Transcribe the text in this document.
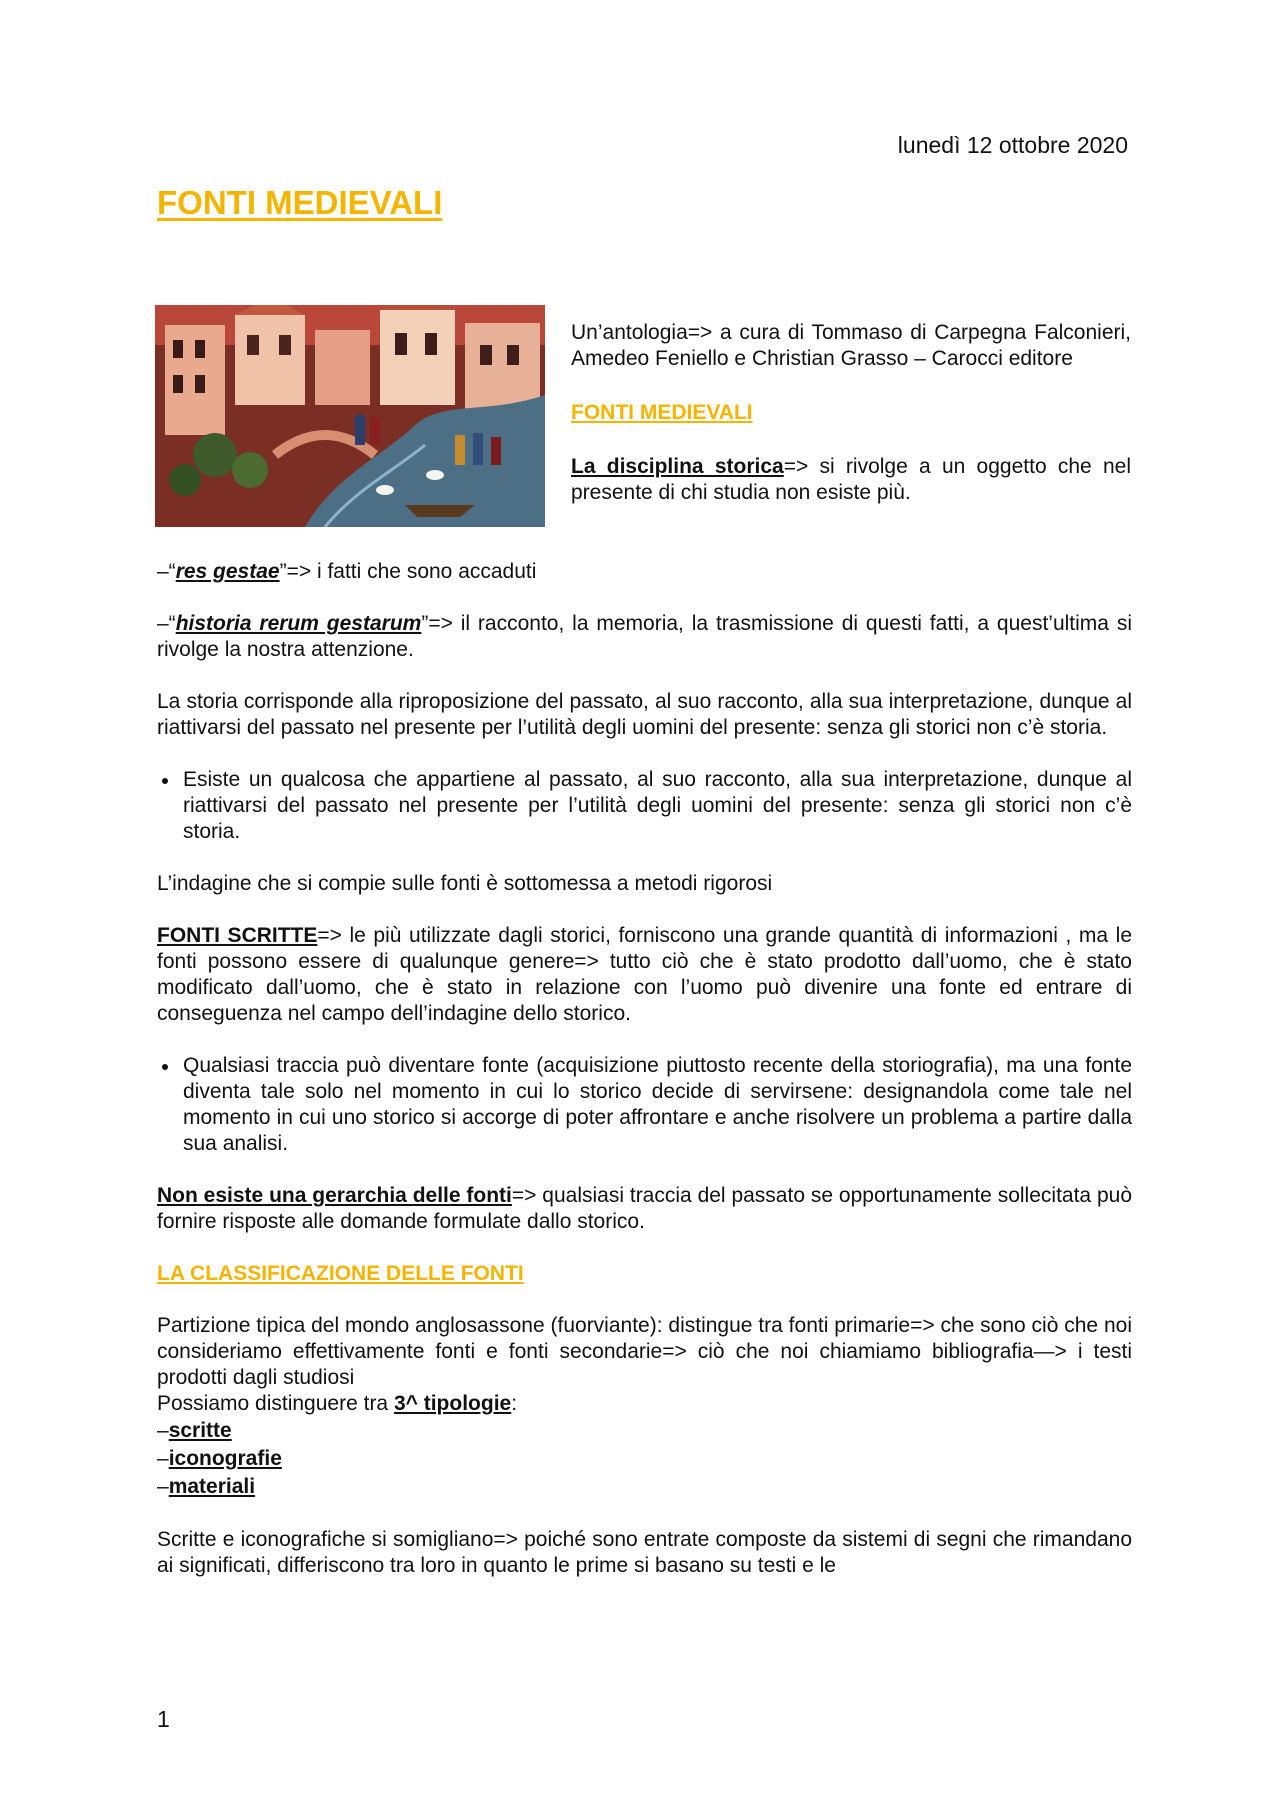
lunedì 12 ottobre 2020
FONTI MEDIEVALI

Un’antologia=> a cura di Tommaso di Carpegna Falconieri, Amedeo Feniello e Christian Grasso – Carocci editore

FONTI MEDIEVALI

La disciplina storica=> si rivolge a un oggetto che nel presente di chi studia non esiste più.

–“res gestae”=> i fatti che sono accaduti

–“historia rerum gestarum”=> il racconto, la memoria, la trasmissione di questi fatti, a quest’ultima si rivolge la nostra attenzione.

La storia corrisponde alla riproposizione del passato, al suo racconto, alla sua interpretazione, dunque al riattivarsi del passato nel presente per l’utilità degli uomini del presente: senza gli storici non c’è storia.

Esiste un qualcosa che appartiene al passato, al suo racconto, alla sua interpretazione, dunque al riattivarsi del passato nel presente per l’utilità degli uomini del presente: senza gli storici non c’è storia.

L’indagine che si compie sulle fonti è sottomessa a metodi rigorosi

FONTI SCRITTE=> le più utilizzate dagli storici, forniscono una grande quantità di informazioni , ma le fonti possono essere di qualunque genere=> tutto ciò che è stato prodotto dall’uomo, che è stato modificato dall’uomo, che è stato in relazione con l’uomo può divenire una fonte ed entrare di conseguenza nel campo dell’indagine dello storico.

Qualsiasi traccia può diventare fonte (acquisizione piuttosto recente della storiografia), ma una fonte diventa tale solo nel momento in cui lo storico decide di servirsene: designandola come tale nel momento in cui uno storico si accorge di poter affrontare e anche risolvere un problema a partire dalla sua analisi.

Non esiste una gerarchia delle fonti=> qualsiasi traccia del passato se opportunamente sollecitata può fornire risposte alle domande formulate dallo storico.

LA CLASSIFICAZIONE DELLE FONTI

Partizione tipica del mondo anglosassone (fuorviante): distingue tra fonti primarie=> che sono ciò che noi consideriamo effettivamente fonti e fonti secondarie=> ciò che noi chiamiamo bibliografia—> i testi prodotti dagli studiosi

Possiamo distinguere tra 3^ tipologie:

–scritte
–iconografie
–materiali

Scritte e iconografiche si somigliano=> poiché sono entrate composte da sistemi di segni che rimandano ai significati, differiscono tra loro in quanto le prime si basano su testi e le

1
